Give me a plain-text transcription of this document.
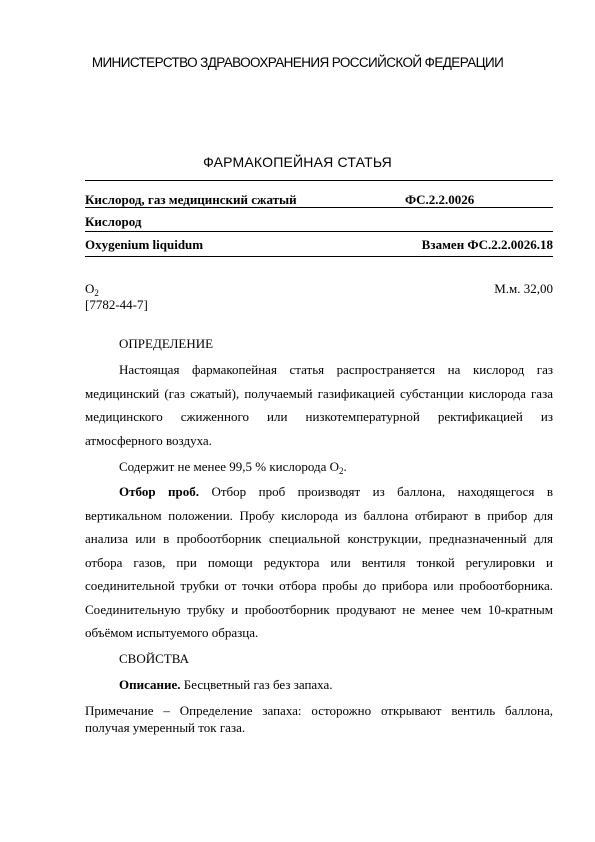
МИНИСТЕРСТВО ЗДРАВООХРАНЕНИЯ РОССИЙСКОЙ ФЕДЕРАЦИИ
ФАРМАКОПЕЙНАЯ СТАТЬЯ
Кислород, газ медицинский сжатый	ФС.2.2.0026
Кислород
Oxygenium liquidum	Взамен ФС.2.2.0026.18
$O_2$	М.м. 32,00
[7782-44-7]
ОПРЕДЕЛЕНИЕ
Настоящая фармакопейная статья распространяется на кислород газ медицинский (газ сжатый), получаемый газификацией субстанции кислорода газа медицинского сжиженного или низкотемпературной ректификацией из атмосферного воздуха.
Содержит не менее 99,5 % кислорода $O_2$.
Отбор проб. Отбор проб производят из баллона, находящегося в вертикальном положении. Пробу кислорода из баллона отбирают в прибор для анализа или в пробоотборник специальной конструкции, предназначенный для отбора газов, при помощи редуктора или вентиля тонкой регулировки и соединительной трубки от точки отбора пробы до прибора или пробоотборника. Соединительную трубку и пробоотборник продувают не менее чем 10-кратным объёмом испытуемого образца.
СВОЙСТВА
Описание. Бесцветный газ без запаха.
Примечание – Определение запаха: осторожно открывают вентиль баллона, получая умеренный ток газа.
